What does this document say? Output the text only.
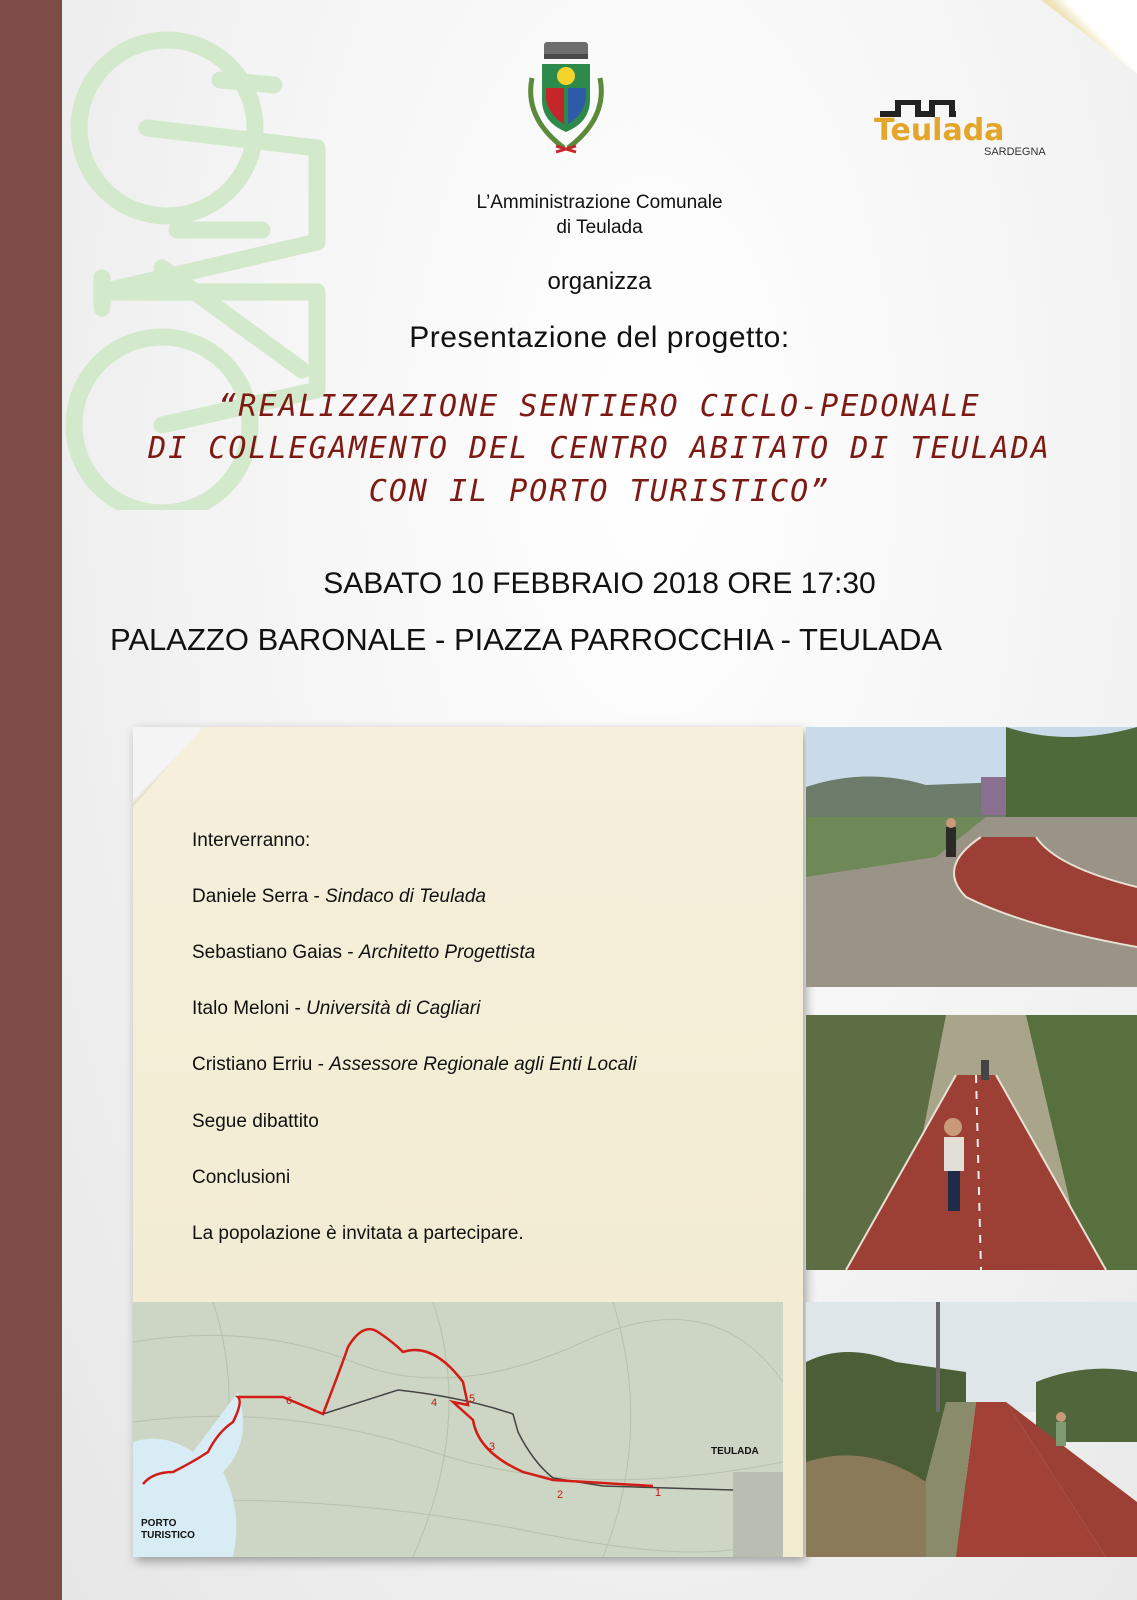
Teulada
SARDEGNA
L’Amministrazione Comunale
di Teulada
organizza
Presentazione del progetto:
“REALIZZAZIONE SENTIERO CICLO-PEDONALE
DI COLLEGAMENTO DEL CENTRO ABITATO DI TEULADA
CON IL PORTO TURISTICO”
SABATO 10 FEBBRAIO 2018 ORE 17:30
PALAZZO BARONALE - PIAZZA PARROCCHIA - TEULADA
Interverranno:
Daniele Serra - Sindaco di Teulada
Sebastiano Gaias - Architetto Progettista
Italo Meloni - Università di Cagliari
Cristiano Erriu - Assessore Regionale agli Enti Locali
Segue dibattito
Conclusioni
La popolazione è invitata a partecipare.
1
2
3
4	5
6
TEULADA
PORTO
TURISTICO
